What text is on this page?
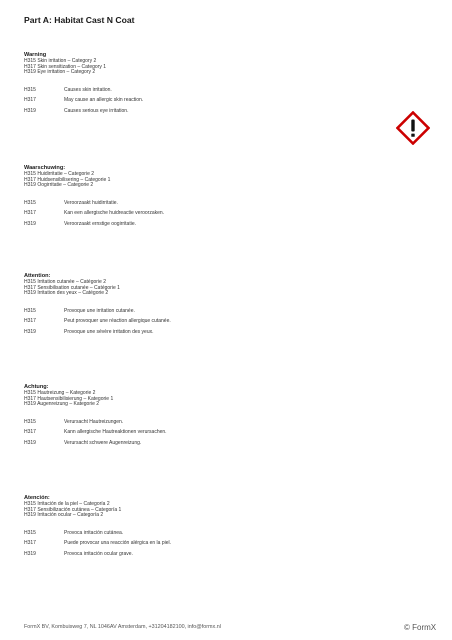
Part A: Habitat Cast N Coat
Warning
H315 Skin irritation – Category 2
H317 Skin sensitization – Category 1
H319 Eye irritation – Category 2
H315	Causes skin irritation.
H317	May cause an allergic skin reaction.
H319	Causes serious eye irritation.
Waarschuwing:
H315 Huidirritatie – Categorie 2
H317 Huidsensibilisering – Categorie 1
H319 Oogirritatie – Categorie 2
H315	Veroorzaakt huidirritatie.
H317	Kan een allergische huidreactie veroorzaken.
H319	Veroorzaakt ernstige oogirritatie.
Attention:
H315 Irritation cutanée – Catégorie 2
H317 Sensibilisation cutanée – Catégorie 1
H319 Irritation des yeux – Catégorie 2
H315	Provoque une irritation cutanée.
H317	Peut provoquer une réaction allergique cutanée.
H319	Provoque une sévère irritation des yeux.
Achtung:
H315 Hautreizung – Kategorie 2
H317 Hautsensibilisierung – Kategorie 1
H319 Augenreizung – Kategorie 2
H315	Verursacht Hautreizungen.
H317	Kann allergische Hautreaktionen verursachen.
H319	Verursacht schwere Augenreizung.
Atención:
H315 Irritación de la piel – Categoría 2
H317 Sensibilización cutánea – Categoría 1
H319 Irritación ocular – Categoría 2
H315	Provoca irritación cutánea.
H317	Puede provocar una reacción alérgica en la piel.
H319	Provoca irritación ocular grave.
FormX BV, Kombuisweg 7, NL 1046AV Amsterdam, +31204182100, info@formx.nl	© FormX
